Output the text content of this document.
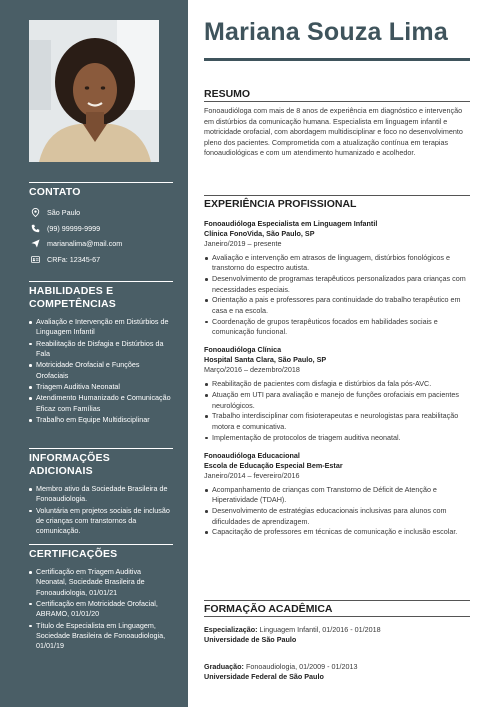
CONTATO
São Paulo
(99) 99999-9999
marianalima@mail.com
CRFa: 12345-67
HABILIDADES E COMPETÊNCIAS
Avaliação e Intervenção em Distúrbios de Linguagem Infantil
Reabilitação de Disfagia e Distúrbios da Fala
Motricidade Orofacial e Funções Orofaciais
Triagem Auditiva Neonatal
Atendimento Humanizado e Comunicação Eficaz com Famílias
Trabalho em Equipe Multidisciplinar
INFORMAÇÕES ADICIONAIS
Membro ativo da Sociedade Brasileira de Fonoaudiologia.
Voluntária em projetos sociais de inclusão de crianças com transtornos da comunicação.
CERTIFICAÇÕES
Certificação em Triagem Auditiva Neonatal, Sociedade Brasileira de Fonoaudiologia, 01/01/21
Certificação em Motricidade Orofacial, ABRAMO, 01/01/20
Título de Especialista em Linguagem, Sociedade Brasileira de Fonoaudiologia, 01/01/19
Mariana Souza Lima
RESUMO
Fonoaudióloga com mais de 8 anos de experiência em diagnóstico e intervenção em distúrbios da comunicação humana. Especialista em linguagem infantil e motricidade orofacial, com abordagem multidisciplinar e foco no desenvolvimento pleno dos pacientes. Comprometida com a atualização contínua em terapias fonoaudiológicas e com um atendimento humanizado e acolhedor.
EXPERIÊNCIA PROFISSIONAL
Fonoaudióloga Especialista em Linguagem Infantil
Clínica FonoVida, São Paulo, SP
Janeiro/2019 – presente
Avaliação e intervenção em atrasos de linguagem, distúrbios fonológicos e transtorno do espectro autista.
Desenvolvimento de programas terapêuticos personalizados para crianças com necessidades especiais.
Orientação a pais e professores para continuidade do trabalho terapêutico em casa e na escola.
Coordenação de grupos terapêuticos focados em habilidades sociais e comunicação funcional.
Fonoaudióloga Clínica
Hospital Santa Clara, São Paulo, SP
Março/2016 – dezembro/2018
Reabilitação de pacientes com disfagia e distúrbios da fala pós-AVC.
Atuação em UTI para avaliação e manejo de funções orofaciais em pacientes neurológicos.
Trabalho interdisciplinar com fisioterapeutas e neurologistas para reabilitação motora e comunicativa.
Implementação de protocolos de triagem auditiva neonatal.
Fonoaudióloga Educacional
Escola de Educação Especial Bem-Estar
Janeiro/2014 – fevereiro/2016
Acompanhamento de crianças com Transtorno de Déficit de Atenção e Hiperatividade (TDAH).
Desenvolvimento de estratégias educacionais inclusivas para alunos com dificuldades de aprendizagem.
Capacitação de professores em técnicas de comunicação e inclusão escolar.
FORMAÇÃO ACADÊMICA
Especialização: Linguagem Infantil, 01/2016 - 01/2018
Universidade de São Paulo
Graduação: Fonoaudiologia, 01/2009 - 01/2013
Universidade Federal de São Paulo
